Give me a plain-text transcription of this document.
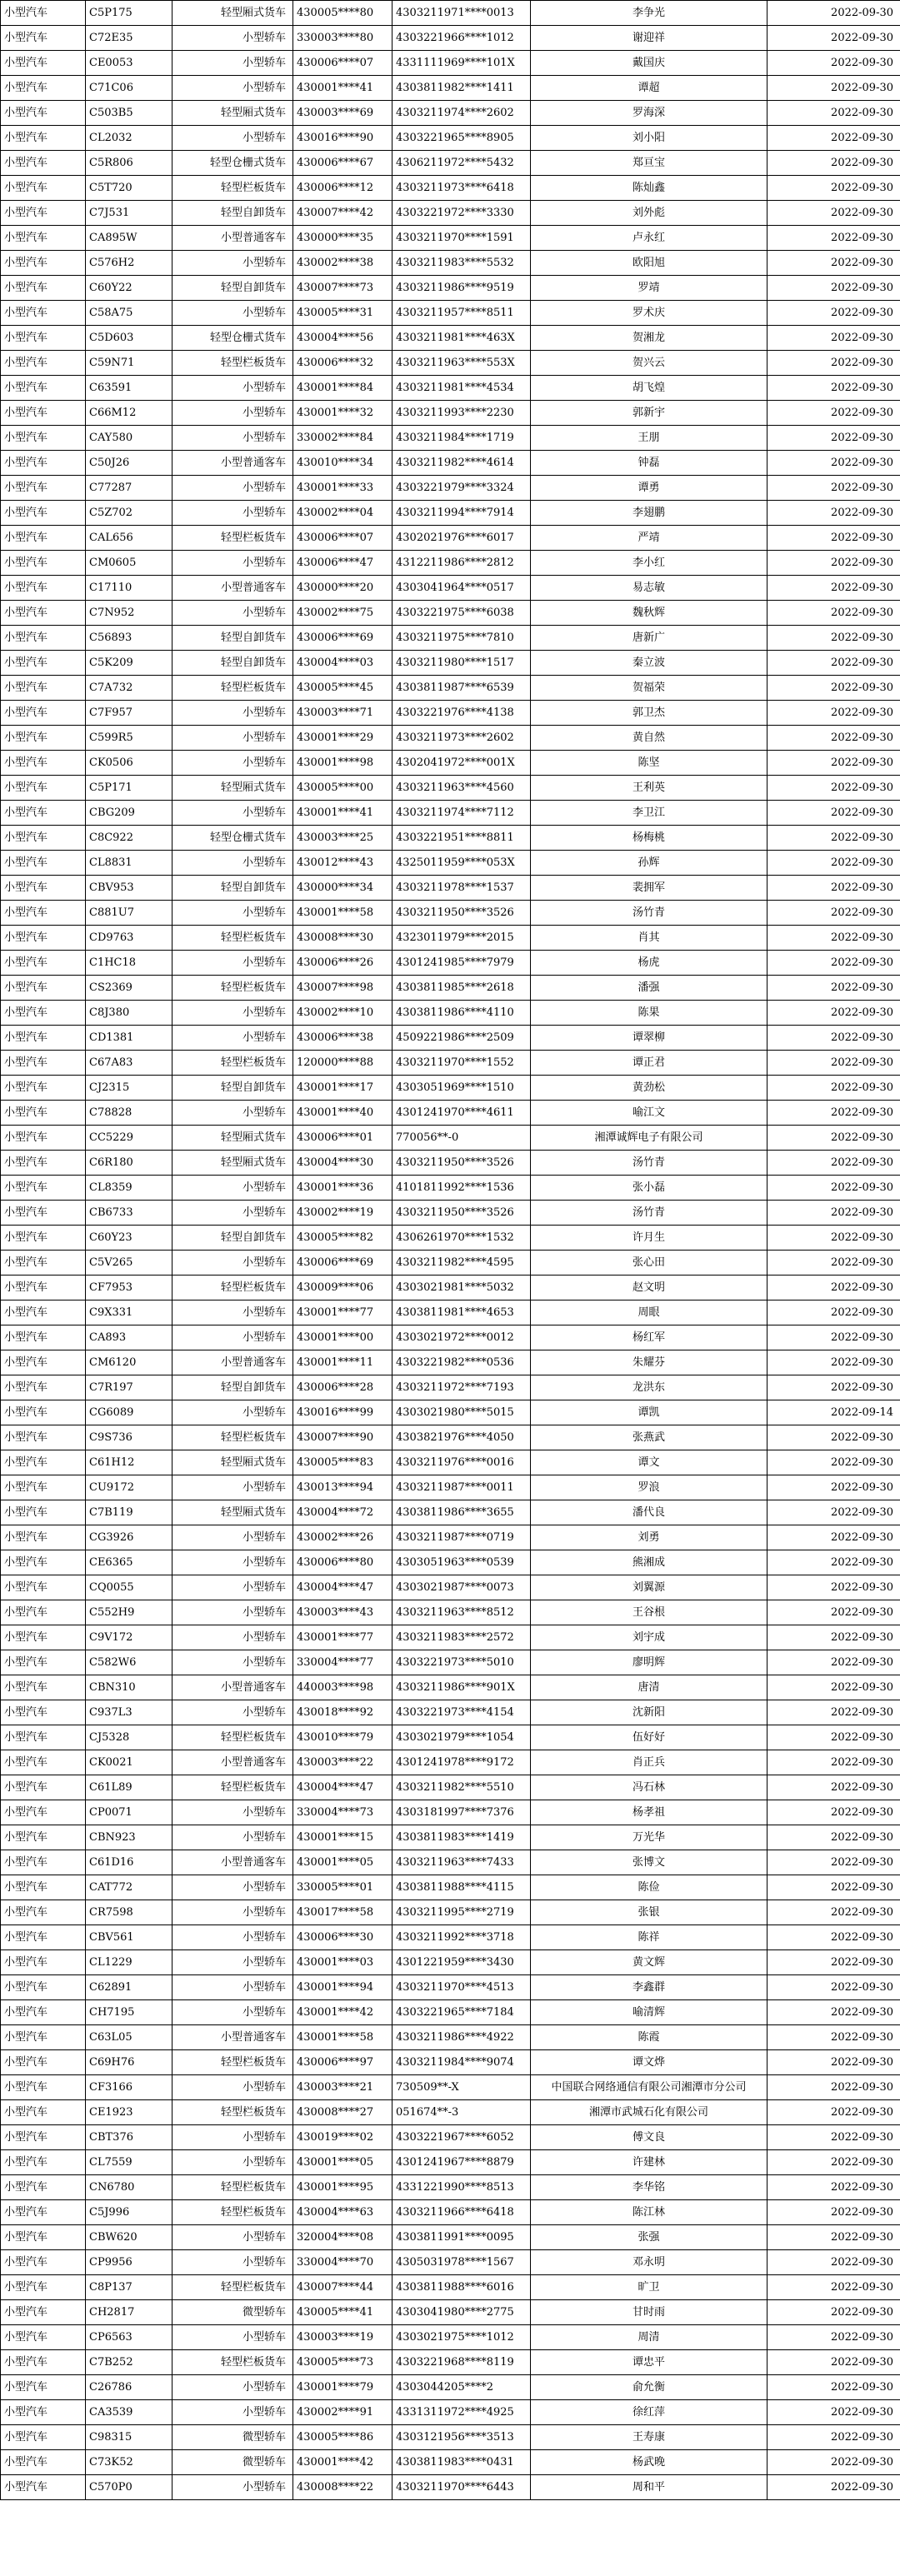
小型汽车	C5P175	轻型厢式货车	430005****80	4303211971****0013	李争光	2022-09-30
小型汽车	C72E35	小型轿车	330003****80	4303221966****1012	谢迎祥	2022-09-30
小型汽车	CE0053	小型轿车	430006****07	4331111969****101X	戴国庆	2022-09-30
小型汽车	C71C06	小型轿车	430001****41	4303811982****1411	谭超	2022-09-30
小型汽车	C503B5	轻型厢式货车	430003****69	4303211974****2602	罗海深	2022-09-30
小型汽车	CL2032	小型轿车	430016****90	4303221965****8905	刘小阳	2022-09-30
小型汽车	C5R806	轻型仓栅式货车	430006****67	4306211972****5432	郑亘宝	2022-09-30
小型汽车	C5T720	轻型栏板货车	430006****12	4303211973****6418	陈灿鑫	2022-09-30
小型汽车	C7J531	轻型自卸货车	430007****42	4303221972****3330	刘外彪	2022-09-30
小型汽车	CA895W	小型普通客车	430000****35	4303211970****1591	卢永红	2022-09-30
小型汽车	C576H2	小型轿车	430002****38	4303211983****5532	欧阳旭	2022-09-30
小型汽车	C60Y22	轻型自卸货车	430007****73	4303211986****9519	罗靖	2022-09-30
小型汽车	C58A75	小型轿车	430005****31	4303211957****8511	罗术庆	2022-09-30
小型汽车	C5D603	轻型仓栅式货车	430004****56	4303211981****463X	贺湘龙	2022-09-30
小型汽车	C59N71	轻型栏板货车	430006****32	4303211963****553X	贺兴云	2022-09-30
小型汽车	C63591	小型轿车	430001****84	4303211981****4534	胡飞煌	2022-09-30
小型汽车	C66M12	小型轿车	430001****32	4303211993****2230	郭新宇	2022-09-30
小型汽车	CAY580	小型轿车	330002****84	4303211984****1719	王朋	2022-09-30
小型汽车	C50J26	小型普通客车	430010****34	4303211982****4614	钟磊	2022-09-30
小型汽车	C77287	小型轿车	430001****33	4303221979****3324	谭勇	2022-09-30
小型汽车	C5Z702	小型轿车	430002****04	4303211994****7914	李翅鹏	2022-09-30
小型汽车	CAL656	轻型栏板货车	430006****07	4302021976****6017	严靖	2022-09-30
小型汽车	CM0605	小型轿车	430006****47	4312211986****2812	李小红	2022-09-30
小型汽车	C17110	小型普通客车	430000****20	4303041964****0517	易志敏	2022-09-30
小型汽车	C7N952	小型轿车	430002****75	4303221975****6038	魏秋辉	2022-09-30
小型汽车	C56893	轻型自卸货车	430006****69	4303211975****7810	唐新广	2022-09-30
小型汽车	C5K209	轻型自卸货车	430004****03	4303211980****1517	秦立波	2022-09-30
小型汽车	C7A732	轻型栏板货车	430005****45	4303811987****6539	贺福荣	2022-09-30
小型汽车	C7F957	小型轿车	430003****71	4303221976****4138	郭卫杰	2022-09-30
小型汽车	C599R5	小型轿车	430001****29	4303211973****2602	黄自然	2022-09-30
小型汽车	CK0506	小型轿车	430001****98	4302041972****001X	陈坚	2022-09-30
小型汽车	C5P171	轻型厢式货车	430005****00	4303211963****4560	王利英	2022-09-30
小型汽车	CBG209	小型轿车	430001****41	4303211974****7112	李卫江	2022-09-30
小型汽车	C8C922	轻型仓栅式货车	430003****25	4303221951****8811	杨梅桃	2022-09-30
小型汽车	CL8831	小型轿车	430012****43	4325011959****053X	孙辉	2022-09-30
小型汽车	CBV953	轻型自卸货车	430000****34	4303211978****1537	裴拥军	2022-09-30
小型汽车	C881U7	小型轿车	430001****58	4303211950****3526	汤竹青	2022-09-30
小型汽车	CD9763	轻型栏板货车	430008****30	4323011979****2015	肖其	2022-09-30
小型汽车	C1HC18	小型轿车	430006****26	4301241985****7979	杨虎	2022-09-30
小型汽车	CS2369	轻型栏板货车	430007****98	4303811985****2618	潘强	2022-09-30
小型汽车	C8J380	小型轿车	430002****10	4303811986****4110	陈果	2022-09-30
小型汽车	CD1381	小型轿车	430006****38	4509221986****2509	谭翠柳	2022-09-30
小型汽车	C67A83	轻型栏板货车	120000****88	4303211970****1552	谭正君	2022-09-30
小型汽车	CJ2315	轻型自卸货车	430001****17	4303051969****1510	黄劲松	2022-09-30
小型汽车	C78828	小型轿车	430001****40	4301241970****4611	喻江文	2022-09-30
小型汽车	CC5229	轻型厢式货车	430006****01	770056**-0	湘潭诚辉电子有限公司	2022-09-30
小型汽车	C6R180	轻型厢式货车	430004****30	4303211950****3526	汤竹青	2022-09-30
小型汽车	CL8359	小型轿车	430001****36	4101811992****1536	张小磊	2022-09-30
小型汽车	CB6733	小型轿车	430002****19	4303211950****3526	汤竹青	2022-09-30
小型汽车	C60Y23	轻型自卸货车	430005****82	4306261970****1532	许月生	2022-09-30
小型汽车	C5V265	小型轿车	430006****69	4303211982****4595	张心田	2022-09-30
小型汽车	CF7953	轻型栏板货车	430009****06	4303021981****5032	赵文明	2022-09-30
小型汽车	C9X331	小型轿车	430001****77	4303811981****4653	周眼	2022-09-30
小型汽车	CA893	小型轿车	430001****00	4303021972****0012	杨红军	2022-09-30
小型汽车	CM6120	小型普通客车	430001****11	4303221982****0536	朱耀芬	2022-09-30
小型汽车	C7R197	轻型自卸货车	430006****28	4303211972****7193	龙洪东	2022-09-30
小型汽车	CG6089	小型轿车	430016****99	4303021980****5015	谭凯	2022-09-14
小型汽车	C9S736	轻型栏板货车	430007****90	4303821976****4050	张燕武	2022-09-30
小型汽车	C61H12	轻型厢式货车	430005****83	4303211976****0016	谭文	2022-09-30
小型汽车	CU9172	小型轿车	430013****94	4303211987****0011	罗浪	2022-09-30
小型汽车	C7B119	轻型厢式货车	430004****72	4303811986****3655	潘代良	2022-09-30
小型汽车	CG3926	小型轿车	430002****26	4303211987****0719	刘勇	2022-09-30
小型汽车	CE6365	小型轿车	430006****80	4303051963****0539	熊湘成	2022-09-30
小型汽车	CQ0055	小型轿车	430004****47	4303021987****0073	刘翼源	2022-09-30
小型汽车	C552H9	小型轿车	430003****43	4303211963****8512	王谷根	2022-09-30
小型汽车	C9V172	小型轿车	430001****77	4303211983****2572	刘宇成	2022-09-30
小型汽车	C582W6	小型轿车	330004****77	4303221973****5010	廖明辉	2022-09-30
小型汽车	CBN310	小型普通客车	440003****98	4303211986****901X	唐清	2022-09-30
小型汽车	C937L3	小型轿车	430018****92	4303221973****4154	沈新阳	2022-09-30
小型汽车	CJ5328	轻型栏板货车	430010****79	4303021979****1054	伍好好	2022-09-30
小型汽车	CK0021	小型普通客车	430003****22	4301241978****9172	肖正兵	2022-09-30
小型汽车	C61L89	轻型栏板货车	430004****47	4303211982****5510	冯石林	2022-09-30
小型汽车	CP0071	小型轿车	330004****73	4303181997****7376	杨孝祖	2022-09-30
小型汽车	CBN923	小型轿车	430001****15	4303811983****1419	万光华	2022-09-30
小型汽车	C61D16	小型普通客车	430001****05	4303211963****7433	张博文	2022-09-30
小型汽车	CAT772	小型轿车	330005****01	4303811988****4115	陈俭	2022-09-30
小型汽车	CR7598	小型轿车	430017****58	4303211995****2719	张银	2022-09-30
小型汽车	CBV561	小型轿车	430006****30	4303211992****3718	陈祥	2022-09-30
小型汽车	CL1229	小型轿车	430001****03	4301221959****3430	黄文辉	2022-09-30
小型汽车	C62891	小型轿车	430001****94	4303211970****4513	李鑫群	2022-09-30
小型汽车	CH7195	小型轿车	430001****42	4303221965****7184	喻清辉	2022-09-30
小型汽车	C63L05	小型普通客车	430001****58	4303211986****4922	陈霞	2022-09-30
小型汽车	C69H76	轻型栏板货车	430006****97	4303211984****9074	谭文烨	2022-09-30
小型汽车	CF3166	小型轿车	430003****21	730509**-X	中国联合网络通信有限公司湘潭市分公司	2022-09-30
小型汽车	CE1923	轻型栏板货车	430008****27	051674**-3	湘潭市武城石化有限公司	2022-09-30
小型汽车	CBT376	小型轿车	430019****02	4303221967****6052	傅文良	2022-09-30
小型汽车	CL7559	小型轿车	430001****05	4301241967****8879	许建林	2022-09-30
小型汽车	CN6780	轻型栏板货车	430001****95	4331221990****8513	李华铭	2022-09-30
小型汽车	C5J996	轻型栏板货车	430004****63	4303211966****6418	陈江林	2022-09-30
小型汽车	CBW620	小型轿车	320004****08	4303811991****0095	张强	2022-09-30
小型汽车	CP9956	小型轿车	330004****70	4305031978****1567	邓永明	2022-09-30
小型汽车	C8P137	轻型栏板货车	430007****44	4303811988****6016	旷卫	2022-09-30
小型汽车	CH2817	微型轿车	430005****41	4303041980****2775	甘时雨	2022-09-30
小型汽车	CP6563	小型轿车	430003****19	4303021975****1012	周清	2022-09-30
小型汽车	C7B252	轻型栏板货车	430005****73	4303221968****8119	谭忠平	2022-09-30
小型汽车	C26786	小型轿车	430001****79	4303044205****2	俞允衡	2022-09-30
小型汽车	CA3539	小型轿车	430002****91	4331311972****4925	徐红萍	2022-09-30
小型汽车	C98315	微型轿车	430005****86	4303121956****3513	王寿康	2022-09-30
小型汽车	C73K52	微型轿车	430001****42	4303811983****0431	杨武晚	2022-09-30
小型汽车	C570P0	小型轿车	430008****22	4303211970****6443	周和平	2022-09-30
